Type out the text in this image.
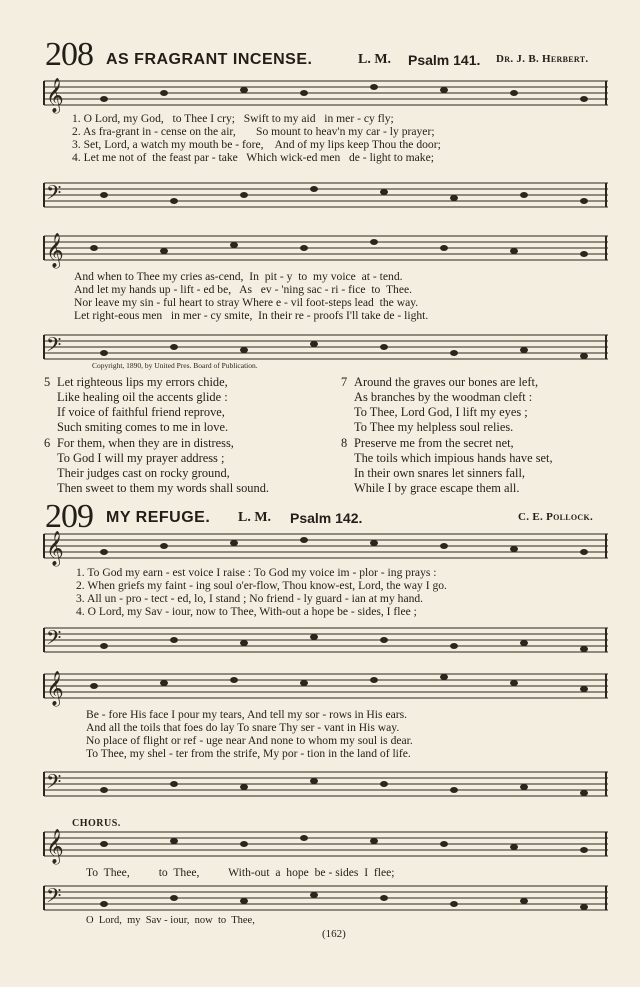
208 AS FRAGRANT INCENSE.	L. M. Psalm 141. Dr. J. B. Herbert.
𝄞
1. O Lord, my God,   to Thee I cry;   Swift to my aid   in mer - cy fly;
2. As fra-grant in - cense on the air,       So mount to heav'n my car - ly prayer;
3. Set, Lord, a watch my mouth be - fore,    And of my lips keep Thou the door;
4. Let me not of  the feast par - take   Which wick-ed men   de - light to make;
𝄢
𝄞
And when to Thee my cries as-cend,  In  pit - y  to  my voice  at - tend.
And let my hands up - lift - ed be,   As   ev - 'ning sac - ri - fice  to  Thee.
Nor leave my sin - ful heart to stray Where e - vil foot-steps lead  the way.
Let right-eous men   in mer - cy smite,  In their re - proofs I'll take de - light.
𝄢
Copyright, 1890, by United Pres. Board of Publication.
5 Let righteous lips my errors chide,
Like healing oil the accents glide :
If voice of faithful friend reprove,
Such smiting comes to me in love.
6 For them, when they are in distress,
To God I will my prayer address ;
Their judges cast on rocky ground,
Then sweet to them my words shall sound.
7 Around the graves our bones are left,
As branches by the woodman cleft :
To Thee, Lord God, I lift my eyes ;
To Thee my helpless soul relies.
8 Preserve me from the secret net,
The toils which impious hands have set,
In their own snares let sinners fall,
While I by grace escape them all.
209 MY REFUGE. L. M. Psalm 142.	C. E. Pollock.
𝄞
1. To God my earn - est voice I raise : To God my voice im - plor - ing prays :
2. When griefs my faint - ing soul o'er-flow, Thou know-est, Lord, the way I go.
3. All un - pro - tect - ed, lo, I stand ; No friend - ly guard - ian at my hand.
4. O Lord, my Sav - iour, now to Thee, With-out a hope be - sides, I flee ;
𝄢
𝄞
Be - fore His face I pour my tears, And tell my sor - rows in His ears.
And all the toils that foes do lay To snare Thy ser - vant in His way.
No place of flight or ref - uge near And none to whom my soul is dear.
To Thee, my shel - ter from the strife, My por - tion in the land of life.
𝄢
CHORUS.
𝄞
To  Thee,          to  Thee,          With-out  a  hope  be - sides  I  flee;
𝄢
O  Lord,  my  Sav - iour,  now  to  Thee,
(162)
